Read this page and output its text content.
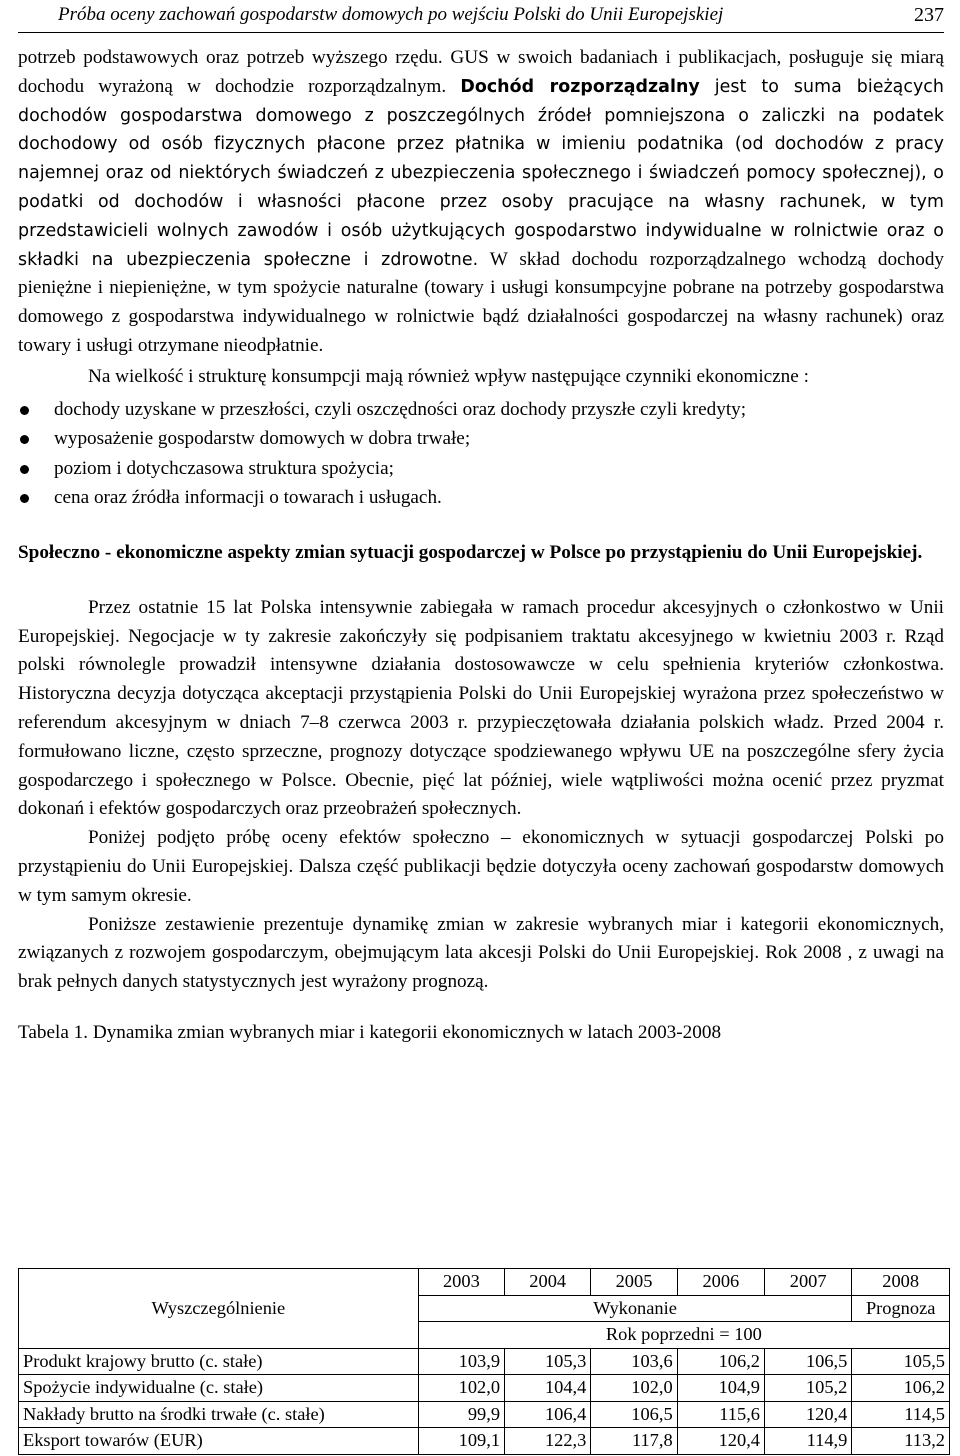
Próba oceny zachowań gospodarstw domowych po wejściu Polski do Unii Europejskiej	237

potrzeb podstawowych oraz potrzeb wyższego rzędu. GUS w swoich badaniach i publikacjach, posługuje się miarą dochodu wyrażoną w dochodzie rozporządzalnym. Dochód rozporządzalny jest to suma bieżących dochodów gospodarstwa domowego z poszczególnych źródeł pomniejszona o zaliczki na podatek dochodowy od osób fizycznych płacone przez płatnika w imieniu podatnika (od dochodów z pracy najemnej oraz od niektórych świadczeń z ubezpieczenia społecznego i świadczeń pomocy społecznej), o podatki od dochodów i własności płacone przez osoby pracujące na własny rachunek, w tym przedstawicieli wolnych zawodów i osób użytkujących gospodarstwo indywidualne w rolnictwie oraz o składki na ubezpieczenia społeczne i zdrowotne. W skład dochodu rozporządzalnego wchodzą dochody pieniężne i niepieniężne, w tym spożycie naturalne (towary i usługi konsumpcyjne pobrane na potrzeby gospodarstwa domowego z gospodarstwa indywidualnego w rolnictwie bądź działalności gospodarczej na własny rachunek) oraz towary i usługi otrzymane nieodpłatnie.

Na wielkość i strukturę konsumpcji mają również wpływ następujące czynniki ekonomiczne :

dochody uzyskane w przeszłości, czyli oszczędności oraz dochody przyszłe czyli kredyty;
wyposażenie gospodarstw domowych w dobra trwałe;
poziom i dotychczasowa struktura spożycia;
cena oraz źródła informacji o towarach i usługach.
Społeczno - ekonomiczne aspekty zmian sytuacji gospodarczej w Polsce po przystąpieniu do Unii Europejskiej.

Przez ostatnie 15 lat Polska intensywnie zabiegała w ramach procedur akcesyjnych o członkostwo w Unii Europejskiej. Negocjacje w ty zakresie zakończyły się podpisaniem traktatu akcesyjnego w kwietniu 2003 r. Rząd polski równolegle prowadził intensywne działania dostosowawcze w celu spełnienia kryteriów członkostwa. Historyczna decyzja dotycząca akceptacji przystąpienia Polski do Unii Europejskiej wyrażona przez społeczeństwo w referendum akcesyjnym w dniach 7–8 czerwca 2003 r. przypieczętowała działania polskich władz. Przed 2004 r. formułowano liczne, często sprzeczne, prognozy dotyczące spodziewanego wpływu UE na poszczególne sfery życia gospodarczego i społecznego w Polsce. Obecnie, pięć lat później, wiele wątpliwości można ocenić przez pryzmat dokonań i efektów gospodarczych oraz przeobrażeń społecznych.

Poniżej podjęto próbę oceny efektów społeczno – ekonomicznych w sytuacji gospodarczej Polski po przystąpieniu do Unii Europejskiej. Dalsza część publikacji będzie dotyczyła oceny zachowań gospodarstw domowych w tym samym okresie.

Poniższe zestawienie prezentuje dynamikę zmian w zakresie wybranych miar i kategorii ekonomicznych, związanych z rozwojem gospodarczym, obejmującym lata akcesji Polski do Unii Europejskiej. Rok 2008 , z uwagi na brak pełnych danych statystycznych jest wyrażony prognozą.

Tabela 1. Dynamika zmian wybranych miar i kategorii ekonomicznych w latach 2003-2008

Wyszczególnienie	2003	2004	2005	2006	2007	2008
	Wykonanie					Prognoza
	Rok poprzedni = 100					
Produkt krajowy brutto (c. stałe)	103,9	105,3	103,6	106,2	106,5	105,5
Spożycie indywidualne (c. stałe)	102,0	104,4	102,0	104,9	105,2	106,2
Nakłady brutto na środki trwałe (c. stałe)	99,9	106,4	106,5	115,6	120,4	114,5
Eksport towarów (EUR)	109,1	122,3	117,8	120,4	114,9	113,2
